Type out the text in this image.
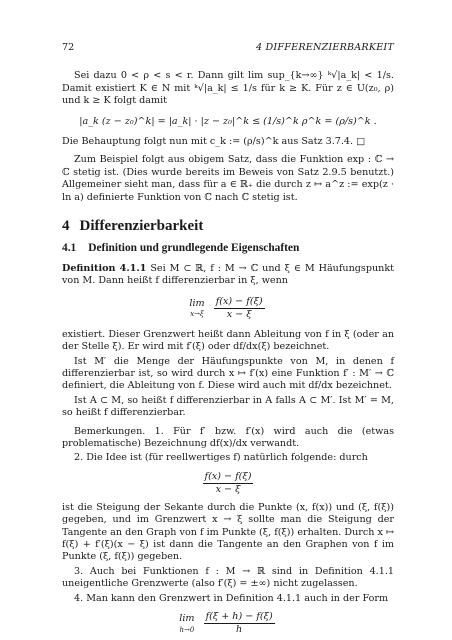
72	4 DIFFERENZIERBARKEIT

Sei dazu 0 < ρ < s < r. Dann gilt lim sup_{k→∞} ᵏ√|a_k| < 1/s. Damit existiert K ∈ N mit ᵏ√|a_k| ≤ 1/s für k ≥ K. Für z ∈ U(z₀, ρ) und k ≥ K folgt damit

|a_k (z − z₀)^k| = |a_k| · |z − z₀|^k ≤ (1/s)^k ρ^k = (ρ/s)^k .

Die Behauptung folgt nun mit c_k := (ρ/s)^k aus Satz 3.7.4. □

Zum Beispiel folgt aus obigem Satz, dass die Funktion exp : ℂ → ℂ stetig ist. (Dies wurde bereits im Beweis von Satz 2.9.5 benutzt.) Allgemeiner sieht man, dass für a ∈ ℝ₊ die durch z ↦ a^z := exp(z · ln a) definierte Funktion von ℂ nach ℂ stetig ist.

4 Differenzierbarkeit
4.1 Definition und grundlegende Eigenschaften

Definition 4.1.1 Sei M ⊂ ℝ, f : M → ℂ und ξ ∈ M Häufungspunkt von M. Dann heißt f differenzierbar in ξ, wenn

lim
x→ξ
$\frac{f(x) - f(\xi)}{x - \xi}$

existiert. Dieser Grenzwert heißt dann Ableitung von f in ξ (oder an der Stelle ξ). Er wird mit f′(ξ) oder df/dx(ξ) bezeichnet.

Ist M′ die Menge der Häufungspunkte von M, in denen f differenzierbar ist, so wird durch x ↦ f′(x) eine Funktion f′ : M′ → ℂ definiert, die Ableitung von f. Diese wird auch mit df/dx bezeichnet.

Ist A ⊂ M, so heißt f differenzierbar in A falls A ⊂ M′. Ist M′ = M, so heißt f differenzierbar.

Bemerkungen. 1. Für f′ bzw. f′(x) wird auch die (etwas problematische) Bezeichnung df(x)/dx verwandt.

2. Die Idee ist (für reellwertiges f) natürlich folgende: durch

$\frac{f(x) - f(\xi)}{x - \xi}$

ist die Steigung der Sekante durch die Punkte (x, f(x)) und (ξ, f(ξ)) gegeben, und im Grenzwert x → ξ sollte man die Steigung der Tangente an den Graph von f im Punkte (ξ, f(ξ)) erhalten. Durch x ↦ f(ξ) + f′(ξ)(x − ξ) ist dann die Tangente an den Graphen von f im Punkte (ξ, f(ξ)) gegeben.

3. Auch bei Funktionen f : M → ℝ sind in Definition 4.1.1 uneigentliche Grenzwerte (also f′(ξ) = ±∞) nicht zugelassen.

4. Man kann den Grenzwert in Definition 4.1.1 auch in der Form

lim
h→0
$\frac{f(\xi + h) - f(\xi)}{h}$
